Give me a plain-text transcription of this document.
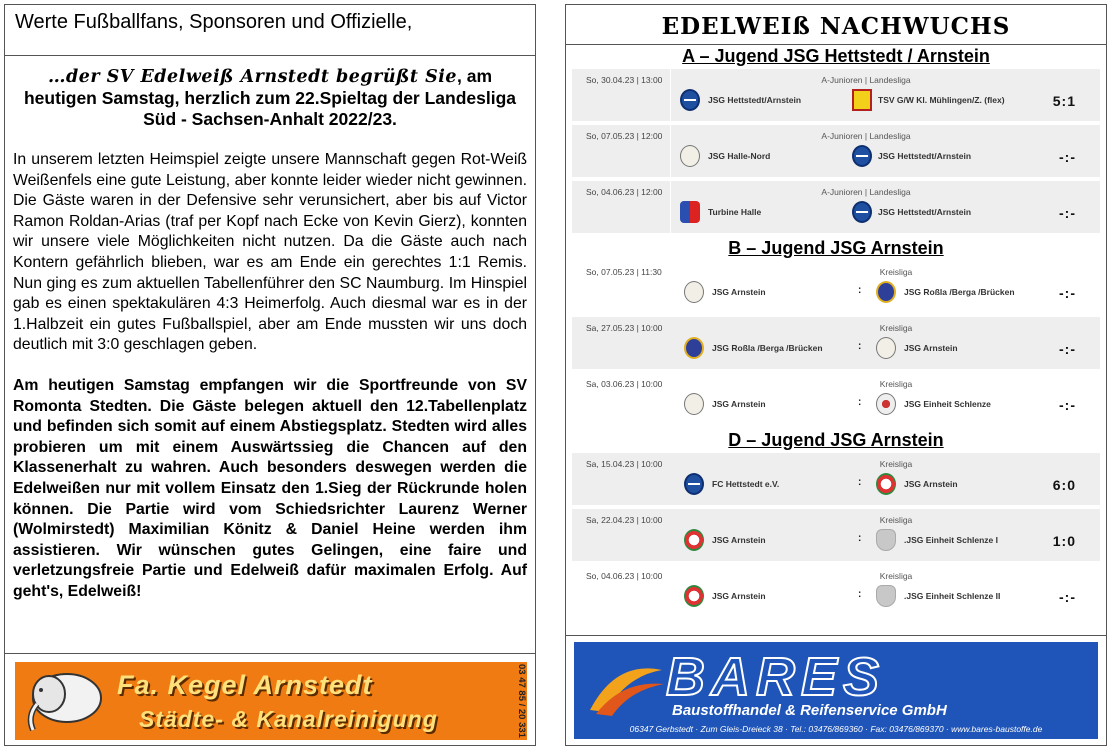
Werte Fußballfans, Sponsoren und Offizielle,
…der SV Edelweiß Arnstedt begrüßt Sie, am heutigen Samstag, herzlich zum 22.Spieltag der Landesliga Süd - Sachsen-Anhalt 2022/23.

In unserem letzten Heimspiel zeigte unsere Mannschaft gegen Rot-Weiß Weißenfels eine gute Leistung, aber konnte leider wieder nicht gewinnen. Die Gäste waren in der Defensive sehr verunsichert, aber bis auf Victor Ramon Roldan-Arias (traf per Kopf nach Ecke von Kevin Gierz), konnten wir unsere viele Möglichkeiten nicht nutzen. Da die Gäste auch nach Kontern gefährlich blieben, war es am Ende ein gerechtes 1:1 Remis. Nun ging es zum aktuellen Tabellenführer den SC Naumburg. Im Hinspiel gab es einen spektakulären 4:3 Heimerfolg. Auch diesmal war es in der 1.Halbzeit ein gutes Fußballspiel, aber am Ende mussten wir uns doch deutlich mit 3:0 geschlagen geben.

Am heutigen Samstag empfangen wir die Sportfreunde von SV Romonta Stedten. Die Gäste belegen aktuell den 12.Tabellenplatz und befinden sich somit auf einem Abstiegsplatz. Stedten wird alles probieren um mit einem Auswärtssieg die Chancen auf den Klassenerhalt zu wahren. Auch besonders deswegen werden die Edelweißen nur mit vollem Einsatz den 1.Sieg der Rückrunde holen können. Die Partie wird vom Schiedsrichter Laurenz Werner (Wolmirstedt) Maximilian Könitz & Daniel Heine werden ihm assistieren. Wir wünschen gutes Gelingen, eine faire und verletzungsfreie Partie und Edelweiß dafür maximalen Erfolg. Auf geht's, Edelweiß!

Fa. Kegel Arnstedt
Städte- & Kanalreinigung	03 47 85 / 20 331
EDELWEIß NACHWUCHS
A – Jugend JSG Hettstedt / Arnstein
So, 30.04.23 | 13:00	A-Junioren | Landesliga
JSG Hettstedt/Arnstein	TSV G/W Kl. Mühlingen/Z. (flex)	5:1
So, 07.05.23 | 12:00	A-Junioren | Landesliga
JSG Halle-Nord	JSG Hettstedt/Arnstein	-:-
So, 04.06.23 | 12:00	A-Junioren | Landesliga
Turbine Halle	JSG Hettstedt/Arnstein	-:-
B – Jugend JSG Arnstein
So, 07.05.23 | 11:30	Kreisliga
JSG Arnstein	:	JSG Roßla /Berga /Brücken	-:-
Sa, 27.05.23 | 10:00	Kreisliga
JSG Roßla /Berga /Brücken	:	JSG Arnstein	-:-
Sa, 03.06.23 | 10:00	Kreisliga
JSG Arnstein	:	JSG Einheit Schlenze	-:-
D – Jugend JSG Arnstein
Sa, 15.04.23 | 10:00	Kreisliga
FC Hettstedt e.V.	:	JSG Arnstein	6:0
Sa, 22.04.23 | 10:00	Kreisliga
JSG Arnstein	:	.JSG Einheit Schlenze I	1:0
So, 04.06.23 | 10:00	Kreisliga
JSG Arnstein	:	.JSG Einheit Schlenze II	-:-
BARES
Baustoffhandel & Reifenservice GmbH
06347 Gerbstedt · Zum Gleis-Dreieck 38 · Tel.: 03476/869360 · Fax: 03476/869370 · www.bares-baustoffe.de
